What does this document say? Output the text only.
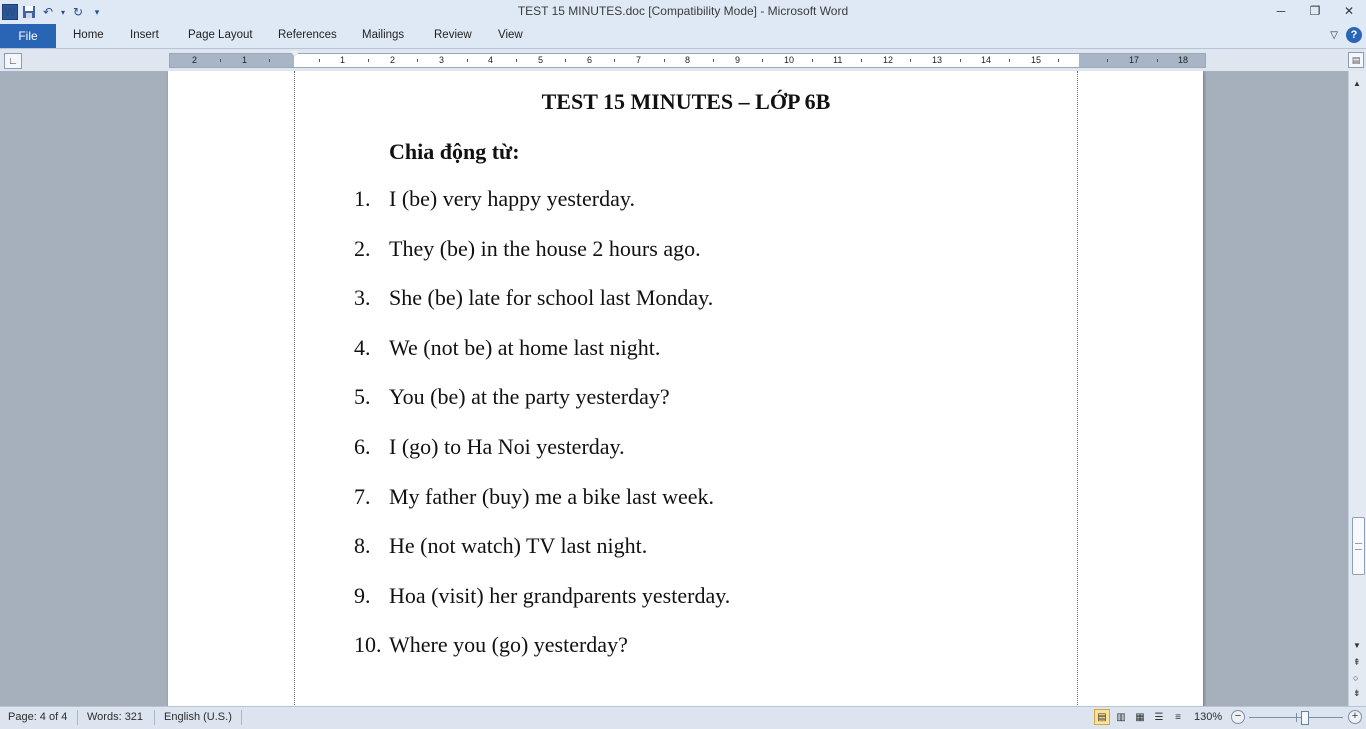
W ↶ ▾ ↻	▾	TEST 15 MINUTES.doc [Compatibility Mode] - Microsoft Word	─	❐	✕
File	Home Insert	Page Layout References Mailings	Review View	▽	?
∟	2	1	1	2	3	4	5	6	7	8	9	10	11	12	13	14	15	17	18	▤
TEST 15 MINUTES – LỚP 6B
Chia động từ:
1. I (be) very happy yesterday.
2. They (be) in the house 2 hours ago.
3. She (be) late for school last Monday.
4. We (not be) at home last night.
5. You (be) at the party yesterday?
6. I (go) to Ha Noi yesterday.
7. My father (buy) me a bike last week.
8. He (not watch) TV last night.
9. Hoa (visit) her grandparents yesterday.
10. Where you (go) yesterday?
▲
▼
⇞
○
⇟
Page: 4 of 4 Words: 321 English (U.S.)	▤ ▥ ▦ ☰	≡	130%	−	+
